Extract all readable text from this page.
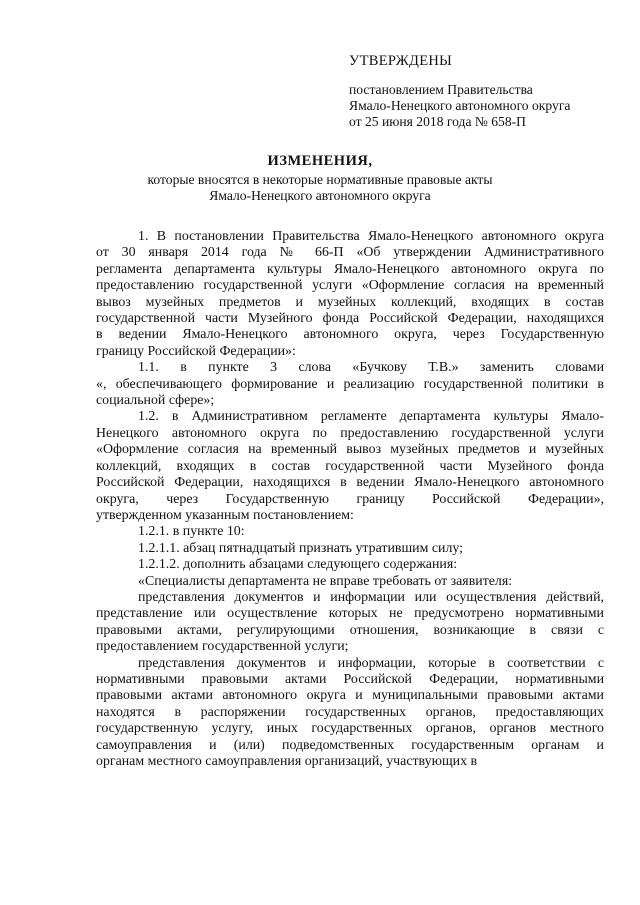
УТВЕРЖДЕНЫ
постановлением Правительства
Ямало-Ненецкого автономного округа
от 25 июня 2018 года № 658-П
ИЗМЕНЕНИЯ,
которые вносятся в некоторые нормативные правовые акты
Ямало-Ненецкого автономного округа
1. В постановлении Правительства Ямало-Ненецкого автономного округа
от 30 января 2014 года № 66-П «Об утверждении Административного
регламента департамента культуры Ямало-Ненецкого автономного округа по
предоставлению государственной услуги «Оформление согласия на временный
вывоз музейных предметов и музейных коллекций, входящих в состав
государственной части Музейного фонда Российской Федерации, находящихся
в ведении Ямало-Ненецкого автономного округа, через Государственную
границу Российской Федерации»:
1.1. в пункте 3 слова «Бучкову Т.В.» заменить словами
«, обеспечивающего формирование и реализацию государственной политики в
социальной сфере»;
1.2. в Административном регламенте департамента культуры Ямало-
Ненецкого автономного округа по предоставлению государственной услуги
«Оформление согласия на временный вывоз музейных предметов и музейных
коллекций, входящих в состав государственной части Музейного фонда
Российской Федерации, находящихся в ведении Ямало-Ненецкого автономного
округа, через Государственную границу Российской Федерации»,
утвержденном указанным постановлением:
1.2.1. в пункте 10:
1.2.1.1. абзац пятнадцатый признать утратившим силу;
1.2.1.2. дополнить абзацами следующего содержания:
«Специалисты департамента не вправе требовать от заявителя:
представления документов и информации или осуществления действий,
представление или осуществление которых не предусмотрено нормативными
правовыми актами, регулирующими отношения, возникающие в связи с
предоставлением государственной услуги;
представления документов и информации, которые в соответствии с
нормативными правовыми актами Российской Федерации, нормативными
правовыми актами автономного округа и муниципальными правовыми актами
находятся в распоряжении государственных органов, предоставляющих
государственную услугу, иных государственных органов, органов местного
самоуправления и (или) подведомственных государственным органам и
органам местного самоуправления организаций, участвующих в
